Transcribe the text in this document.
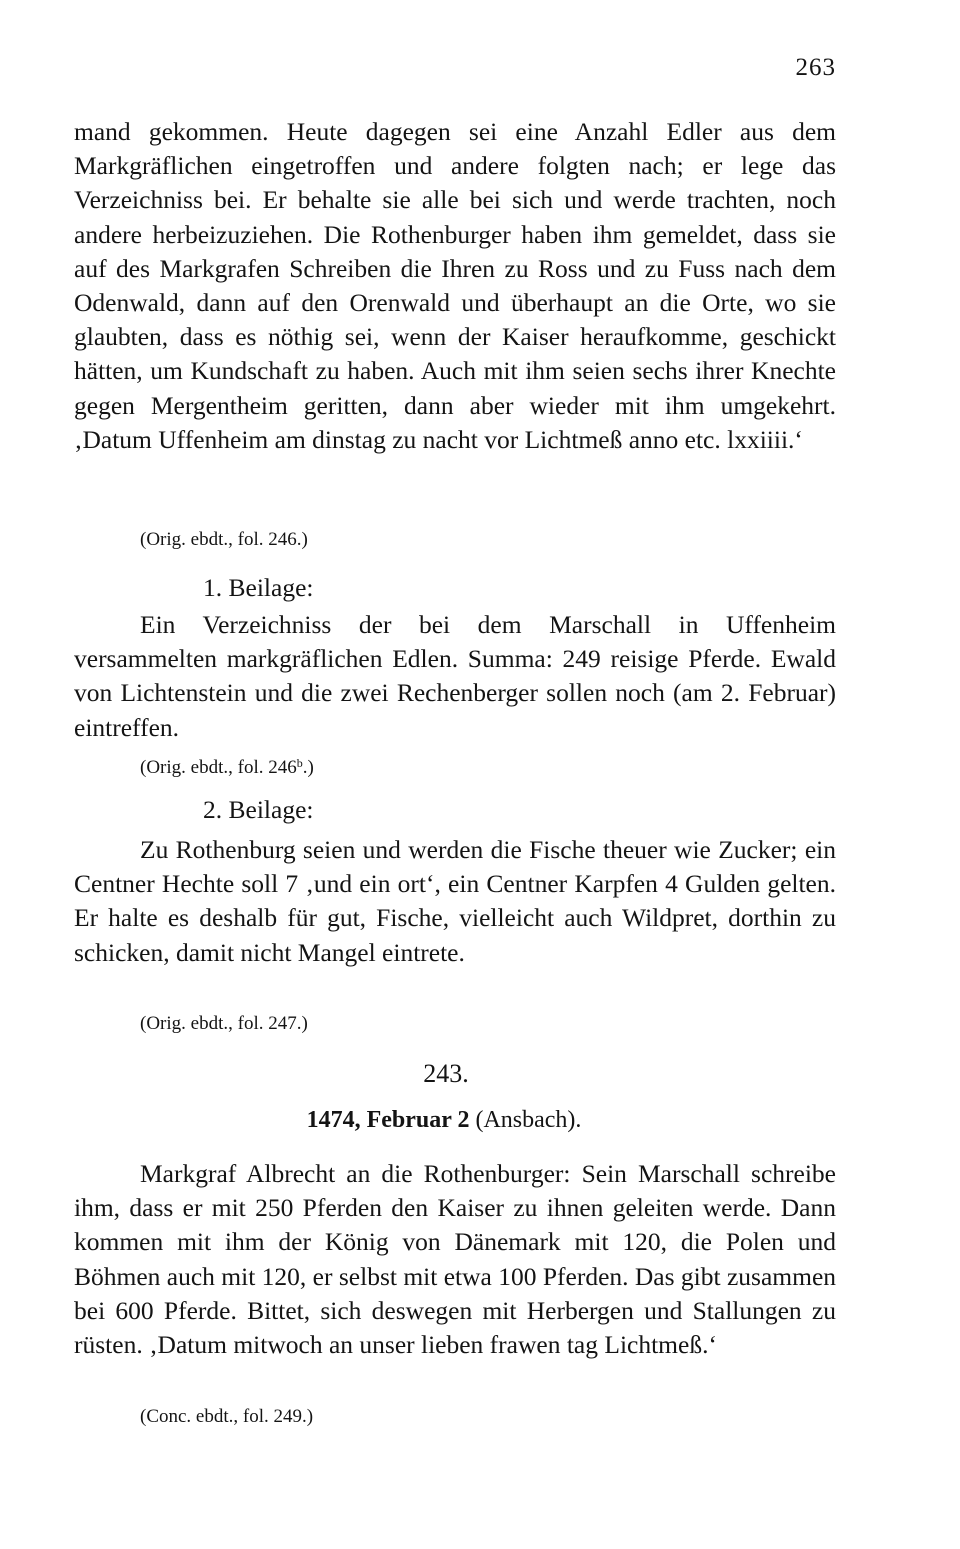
263

mand gekommen. Heute dagegen sei eine Anzahl Edler aus dem Markgräflichen eingetroffen und andere folgten nach; er lege das Verzeichniss bei. Er behalte sie alle bei sich und werde trachten, noch andere herbeizuziehen. Die Rothenburger haben ihm gemeldet, dass sie auf des Markgrafen Schreiben die Ihren zu Ross und zu Fuss nach dem Odenwald, dann auf den Orenwald und überhaupt an die Orte, wo sie glaubten, dass es nöthig sei, wenn der Kaiser heraufkomme, geschickt hätten, um Kundschaft zu haben. Auch mit ihm seien sechs ihrer Knechte gegen Mergentheim geritten, dann aber wieder mit ihm umgekehrt. ‚Datum Uffenheim am dinstag zu nacht vor Lichtmeß anno etc. lxxiiii.‘

(Orig. ebdt., fol. 246.)

1. Beilage:

Ein Verzeichniss der bei dem Marschall in Uffenheim versammelten markgräflichen Edlen. Summa: 249 reisige Pferde. Ewald von Lichtenstein und die zwei Rechenberger sollen noch (am 2. Februar) eintreffen.

(Orig. ebdt., fol. 246$^b$.)

2. Beilage:

Zu Rothenburg seien und werden die Fische theuer wie Zucker; ein Centner Hechte soll 7 ‚und ein ort‘, ein Centner Karpfen 4 Gulden gelten. Er halte es deshalb für gut, Fische, vielleicht auch Wildpret, dorthin zu schicken, damit nicht Mangel eintrete.

(Orig. ebdt., fol. 247.)

243.

1474, Februar 2 (Ansbach).

Markgraf Albrecht an die Rothenburger: Sein Marschall schreibe ihm, dass er mit 250 Pferden den Kaiser zu ihnen geleiten werde. Dann kommen mit ihm der König von Dänemark mit 120, die Polen und Böhmen auch mit 120, er selbst mit etwa 100 Pferden. Das gibt zusammen bei 600 Pferde. Bittet, sich deswegen mit Herbergen und Stallungen zu rüsten. ‚Datum mitwoch an unser lieben frawen tag Lichtmeß.‘

(Conc. ebdt., fol. 249.)
